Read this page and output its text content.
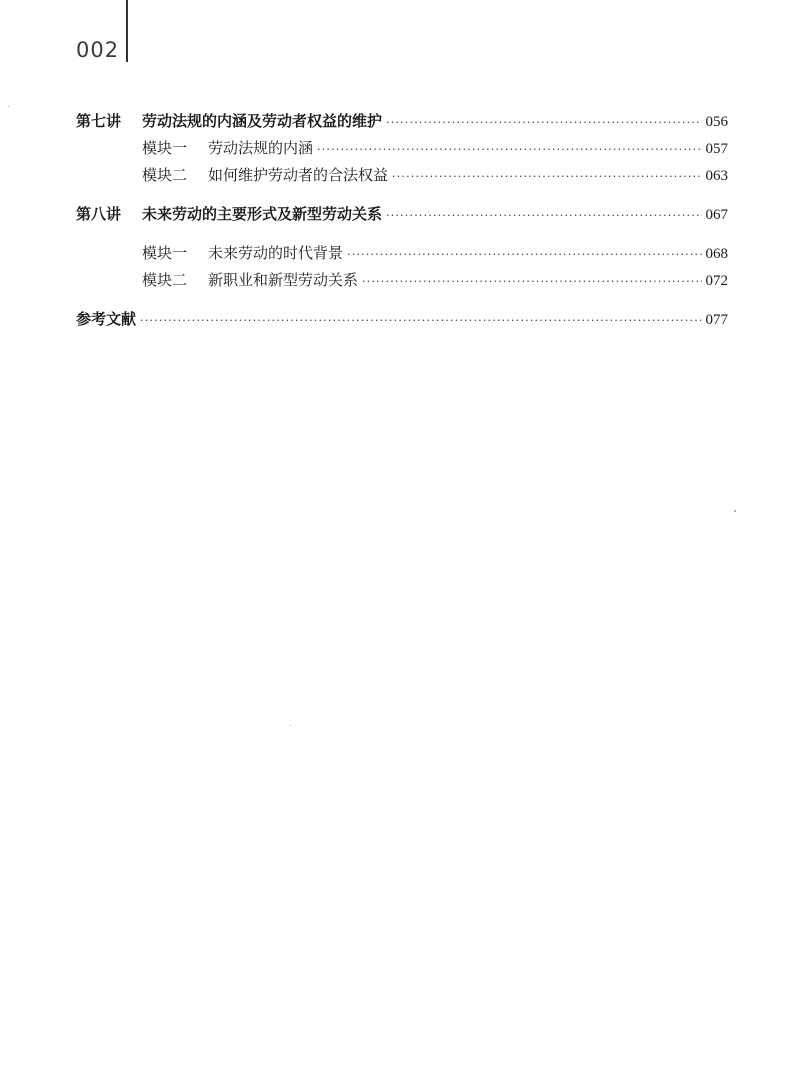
002
第七讲	劳动法规的内涵及劳动者权益的维护 ·····	056
模块一	劳动法规的内涵 ·····	057
模块二	如何维护劳动者的合法权益 ·····	063
第八讲	未来劳动的主要形式及新型劳动关系 ·····	067
模块一	未来劳动的时代背景 ·····	068
模块二	新职业和新型劳动关系 ·····	072
参考文献 ·····	077
